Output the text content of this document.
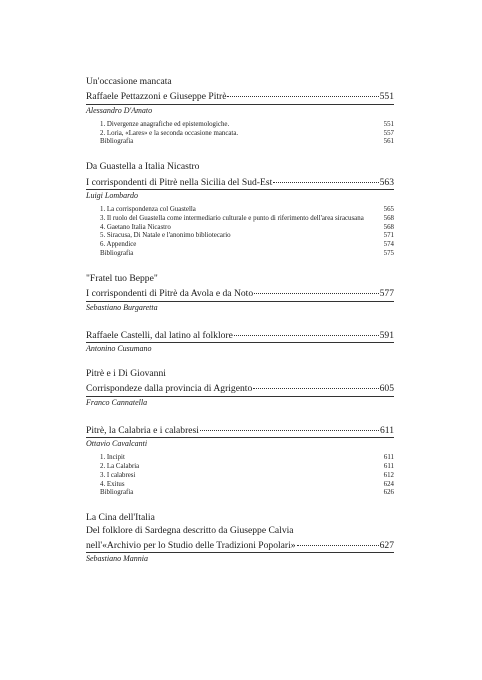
Un'occasione mancata
Raffaele Pettazzoni e Giuseppe Pitrè	551
Alessandro D'Amato
1. Divergenze anagrafiche ed epistemologiche.	551
2. Loria, «Lares» e la seconda occasione mancata.	557
Bibliografia	561
Da Guastella a Italia Nicastro
I corrispondenti di Pitrè nella Sicilia del Sud-Est	563
Luigi Lombardo
1. La corrispondenza col Guastella	565
3. Il ruolo del Guastella come intermediario culturale e punto di riferimento dell'area siracusana	568
4. Gaetano Italia Nicastro	568
5. Siracusa, Di Natale e l'anonimo bibliotecario	571
6. Appendice	574
Bibliografia	575
"Fratel tuo Beppe"
I corrispondenti di Pitrè da Avola e da Noto	577
Sebastiano Burgaretta
Raffaele Castelli, dal latino al folklore	591
Antonino Cusumano
Pitrè e i Di Giovanni
Corrispondeze dalla provincia di Agrigento	605
Franco Cannatella
Pitrè, la Calabria e i calabresi	611
Ottavio Cavalcanti
1. Incipit	611
2. La Calabria	611
3. I calabresi	612
4. Exitus	624
Bibliografia	626
La Cina dell'Italia
Del folklore di Sardegna descritto da Giuseppe Calvia
nell'«Archivio per lo Studio delle Tradizioni Popolari»	627
Sebastiano Mannia
